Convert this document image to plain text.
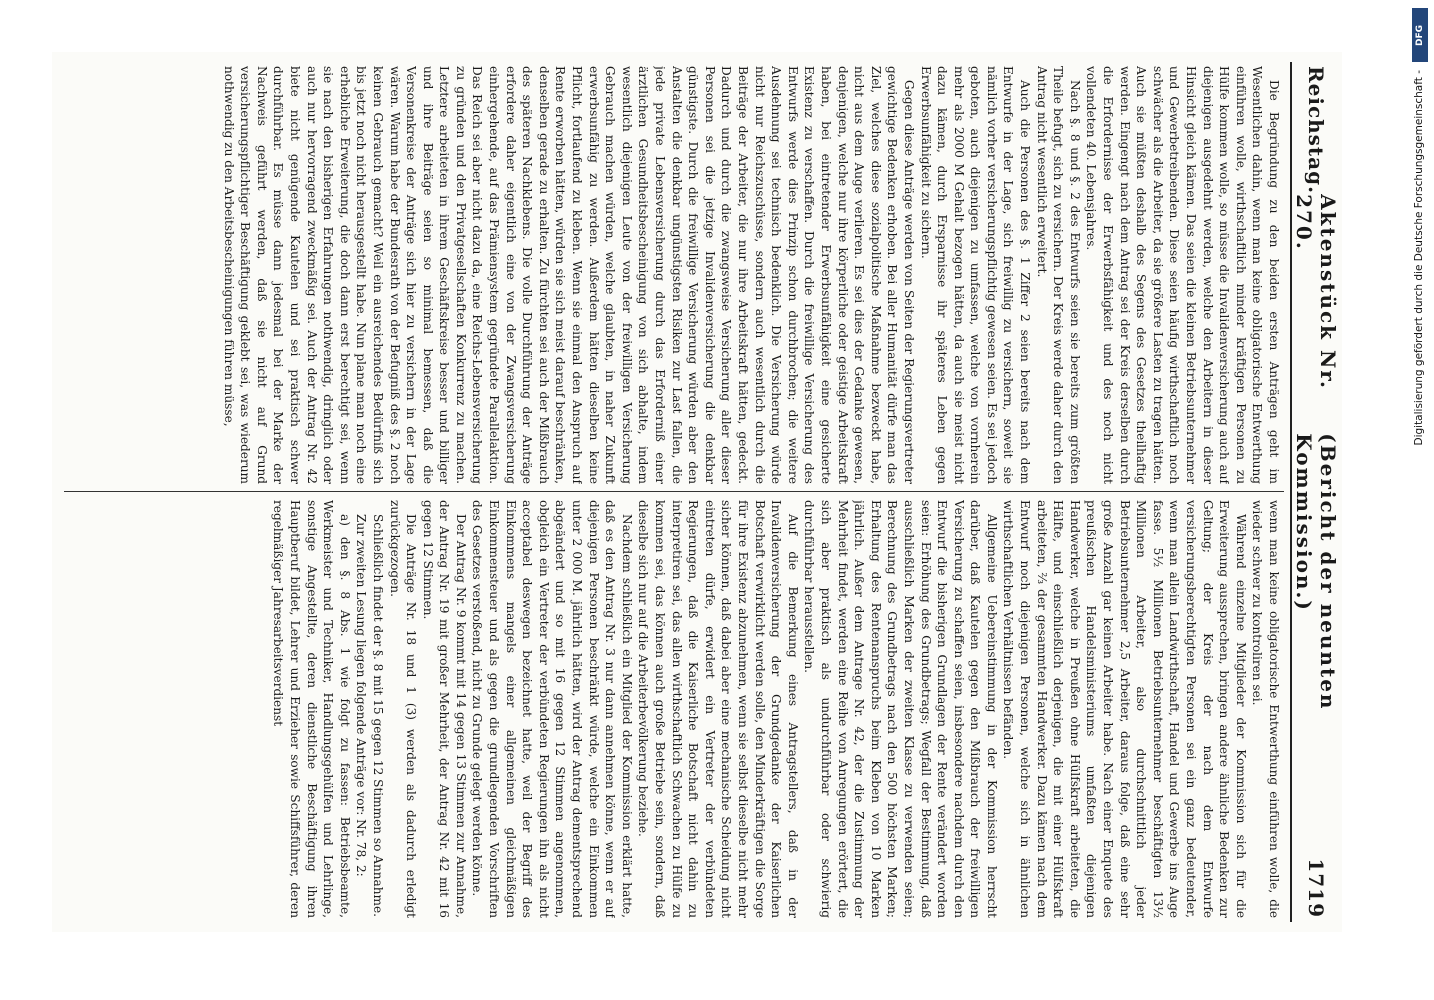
Reichstag.
Aktenstück Nr. 270.
(Bericht der neunten Kommission.)
1719

Die Begründung zu den beiden ersten Anträgen geht im Wesentlichen dahin, wenn man keine obligatorische Entwerthung einführen wolle, wirthschaftlich minder kräftigen Personen zu Hülfe kommen wolle, so müsse die Invalidenversicherung auch auf diejenigen ausgedehnt werden, welche den Arbeitern in dieser Hinsicht gleich kämen. Das seien die kleinen Betriebsunternehmer und Gewerbetreibenden. Diese seien häufig wirthschaftlich noch schwächer als die Arbeiter, da sie größere Lasten zu tragen hätten. Auch sie müßten deshalb des Segens des Gesetzes theilhaftig werden. Eingengt nach dem Antrag sei der Kreis derselben durch die Erfordernisse der Erwerbsfähigkeit und des noch nicht vollendeten 40. Lebensjahres.

Nach §. 8 und §. 2 des Entwurfs seien sie bereits zum größten Theile befugt, sich zu versichern. Der Kreis werde daher durch den Antrag nicht wesentlich erweitert.

Auch die Personen des §. 1 Ziffer 2 seien bereits nach dem Entwurfe in der Lage, sich freiwillig zu versichern, soweit sie nämlich vorher versicherungspflichtig gewesen seien. Es sei jedoch geboten, auch diejenigen zu umfassen, welche von vornherein mehr als 2000 M Gehalt bezogen hätten, da auch sie meist nicht dazu kämen, durch Ersparnisse ihr späteres Leben gegen Erwerbsunfähigkeit zu sichern.

Gegen diese Anträge werden von Seiten der Regierungsvertreter gewichtige Bedenken erhoben. Bei aller Humanität dürfe man das Ziel, welches diese sozialpolitische Maßnahme bezweckt habe, nicht aus dem Auge verlieren. Es sei dies der Gedanke gewesen, denjenigen, welche nur ihre körperliche oder geistige Arbeitskraft haben, bei eintretender Erwerbsunfähigkeit eine gesicherte Existenz zu verschaffen. Durch die freiwillige Versicherung des Entwurfs werde dies Prinzip schon durchbrochen; die weitere Ausdehnung sei technisch bedenklich. Die Versicherung würde nicht nur Reichszuschüsse, sondern auch wesentlich durch die Beiträge der Arbeiter, die nur ihre Arbeitskraft hätten, gedeckt. Dadurch und durch die zwangsweise Versicherung aller dieser Personen sei die jetzige Invalidenversicherung die denkbar günstigste. Durch die freiwillige Versicherung würden aber den Anstalten die denkbar ungünstigsten Risiken zur Last fallen, die jede private Lebensversicherung durch das Erforderniß einer ärztlichen Gesundheitsbescheinigung von sich abhalte, indem wesentlich diejenigen Leute von der freiwilligen Versicherung Gebrauch machen würden, welche glaubten, in naher Zukunft erwerbsunfähig zu werden. Außerdem hätten dieselben keine Pflicht, fortlaufend zu kleben. Wenn sie einmal den Anspruch auf Rente erworben hätten, würden sie sich meist darauf beschränken, denselben gerade zu erhalten. Zu fürchten sei auch der Mißbrauch des späteren Nachklebens. Die volle Durchführung der Anträge erfordere daher eigentlich eine von der Zwangsversicherung einhergehende, auf das Prämiensystem gegründete Parallelaktion. Das Reich sei aber nicht dazu da, eine Reichs-Lebensversicherung zu gründen und den Privatgesellschaften Konkurrenz zu machen. Letztere arbeiteten in ihrem Geschäftskreise besser und billiger und ihre Beiträge seien so minimal bemessen, daß die Versonenkreise der Anträge sich hier zu versichern in der Lage wären. Warum habe der Bundesrath von der Befugniß des §. 2 noch keinen Gebrauch gemacht? Weil ein ausreichendes Bedürfniß sich bis jetzt noch nicht herausgestellt habe. Nun plane man noch eine erhebliche Erweiterung, die doch dann erst berechtigt sei, wenn sie nach den bisherigen Erfahrungen nothwendig, dringlich oder auch nur hervorragend zweckmäßig sei. Auch der Antrag Nr. 42 biete nicht genügende Kautelen und sei praktisch schwer durchführbar. Es müsse dann jedesmal bei der Marke der Nachweis geführt werden, daß sie nicht auf Grund versicherungspflichtiger Beschäftigung geklebt sei, was wiederum nothwendig zu den Arbeitsbescheinigungen führen müsse,

wenn man keine obligatorische Entwerthung einführen wolle, die wieder schwer zu kontroliren sei.

Während einzelne Mitglieder der Kommission sich für die Erweiterung aussprechen, bringen andere ähnliche Bedenken zur Geltung; der Kreis der nach dem Entwurfe versicherungsberechtigten Personen sei ein ganz bedeutender, wenn man allein Landwirthschaft, Handel und Gewerbe ins Auge fasse. 5½ Millionen Betriebsunternehmer beschäftigten 13½ Millionen Arbeiter, also durchschnittlich jeder Betriebsunternehmer 2,5 Arbeiter, daraus folge, daß eine sehr große Anzahl gar keinen Arbeiter habe. Nach einer Enquete des preußischen Handelsministeriums umfaßten diejenigen Handwerker, welche in Preußen ohne Hülfskraft arbeiteten, die Hälfte, und einschließlich derjenigen, die mit einer Hülfskraft arbeiteten, ⅔ der gesammten Handwerker. Dazu kämen nach dem Entwurf noch diejenigen Personen, welche sich in ähnlichen wirthschaftlichen Verhältnissen befänden.

Allgemeine Uebereinstimmung in der Kommission herrscht darüber, daß Kautelen gegen den Mißbrauch der freiwilligen Versicherung zu schaffen seien, insbesondere nachdem durch den Entwurf die bisherigen Grundlagen der Rente verändert worden seien: Erhöhung des Grundbetrags; Wegfall der Bestimmung, daß ausschließlich Marken der zweiten Klasse zu verwenden seien; Berechnung des Grundbetrags nach den 500 höchsten Marken; Erhaltung des Rentenanspruchs beim Kleben von 10 Marken jährlich. Außer dem Antrage Nr. 42, der die Zustimmung der Mehrheit findet, werden eine Reihe von Anregungen erörtert, die sich aber praktisch als undurchführbar oder schwierig durchführbar herausstellen.

Auf die Bemerkung eines Antragstellers, daß in der Invalidenversicherung der Grundgedanke der Kaiserlichen Botschaft verwirklicht werden solle, den Minderkräftigen die Sorge für ihre Existenz abzunehmen, wenn sie selbst dieselbe nicht mehr sicher können, daß dabei aber eine mechanische Scheidung nicht eintreten dürfe, erwidert ein Vertreter der verbündeten Regierungen, daß die Kaiserliche Botschaft nicht dahin zu interpretiren sei, das allen wirthschaftlich Schwachen zu Hülfe zu kommen sei, das können auch große Betriebe sein, sondern, daß dieselbe sich nur auf die Arbeiterbevölkerung beziehe.

Nachdem schließlich ein Mitglied der Kommission erklärt hatte, daß es den Antrag Nr. 3 nur dann annehmen könne, wenn er auf diejenigen Personen beschränkt würde, welche ein Einkommen unter 2 000 M. jährlich hätten, wird der Antrag dementsprechend abgeändert und so mit 16 gegen 12 Stimmen angenommen, obgleich ein Vertreter der verbündeten Regierungen ihn als nicht acceptabel deswegen bezeichnet hatte, weil der Begriff des Einkommens mangels einer allgemeinen gleichmäßigen Einkommensteuer und als gegen die grundlegenden Vorschriften des Gesetzes verstoßend, nicht zu Grunde gelegt werden könne.

Der Antrag Nr. 9 kommt mit 14 gegen 13 Stimmen zur Annahme, der Antrag Nr. 19 mit großer Mehrheit, der Antrag Nr. 42 mit 16 gegen 12 Stimmen.

Die Anträge Nr. 18 und 1 (3) werden als dadurch erledigt zurückgezogen.

Schließlich findet der §. 8 mit 15 gegen 12 Stimmen so Annahme.

Zur zweiten Lesung liegen folgende Anträge vor: Nr. 78, 2:

a) den §. 8 Abs. 1 wie folgt zu fassen: Betriebsbeamte, Werkmeister und Techniker, Handlungsgehülfen und Lehrlinge, sonstige Angestellte, deren dienstliche Beschäftigung ihren Hauptberuf bildet, Lehrer und Erzieher sowie Schiffsführer, deren regelmäßiger Jahresarbeitsverdienst

Digitalisierung gefördert durch die Deutsche Forschungsgemeinschaft -
DFG
